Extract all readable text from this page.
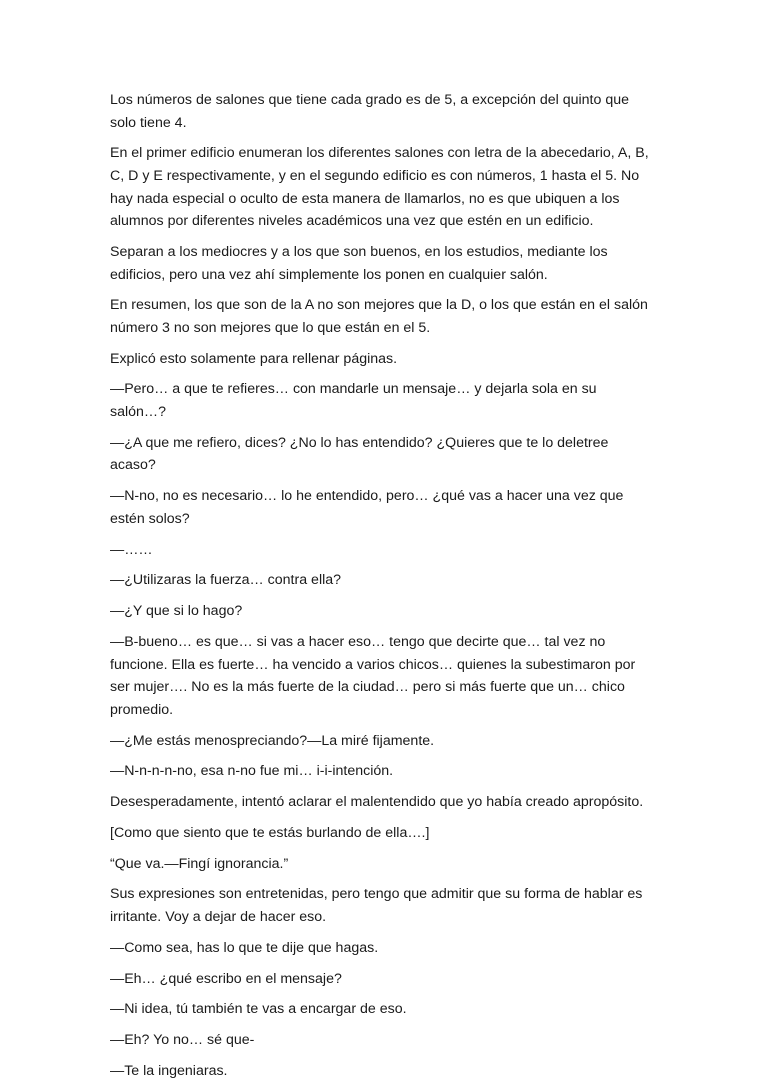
Los números de salones que tiene cada grado es de 5, a excepción del quinto que solo tiene 4.

En el primer edificio enumeran los diferentes salones con letra de la abecedario, A, B, C, D y E respectivamente, y en el segundo edificio es con números, 1 hasta el 5. No hay nada especial o oculto de esta manera de llamarlos, no es que ubiquen a los alumnos por diferentes niveles académicos una vez que estén en un edificio.

Separan a los mediocres y a los que son buenos, en los estudios, mediante los edificios, pero una vez ahí simplemente los ponen en cualquier salón.

En resumen, los que son de la A no son mejores que la D, o los que están en el salón número 3 no son mejores que lo que están en el 5.

Explicó esto solamente para rellenar páginas.

—Pero… a que te refieres… con mandarle un mensaje… y dejarla sola en su salón…?

—¿A que me refiero, dices? ¿No lo has entendido? ¿Quieres que te lo deletree acaso?

—N-no, no es necesario… lo he entendido, pero… ¿qué vas a hacer una vez que estén solos?

—……

—¿Utilizaras la fuerza… contra ella?

—¿Y que si lo hago?

—B-bueno… es que… si vas a hacer eso… tengo que decirte que… tal vez no funcione. Ella es fuerte… ha vencido a varios chicos… quienes la subestimaron por ser mujer…. No es la más fuerte de la ciudad… pero si más fuerte que un… chico promedio.

—¿Me estás menospreciando?—La miré fijamente.

—N-n-n-n-no, esa n-no fue mi… i-i-intención.

Desesperadamente, intentó aclarar el malentendido que yo había creado apropósito.

[Como que siento que te estás burlando de ella….]

“Que va.—Fingí ignorancia.”

Sus expresiones son entretenidas, pero tengo que admitir que su forma de hablar es irritante. Voy a dejar de hacer eso.

—Como sea, has lo que te dije que hagas.

—Eh… ¿qué escribo en el mensaje?

—Ni idea, tú también te vas a encargar de eso.

—Eh? Yo no… sé que-

—Te la ingeniaras.
